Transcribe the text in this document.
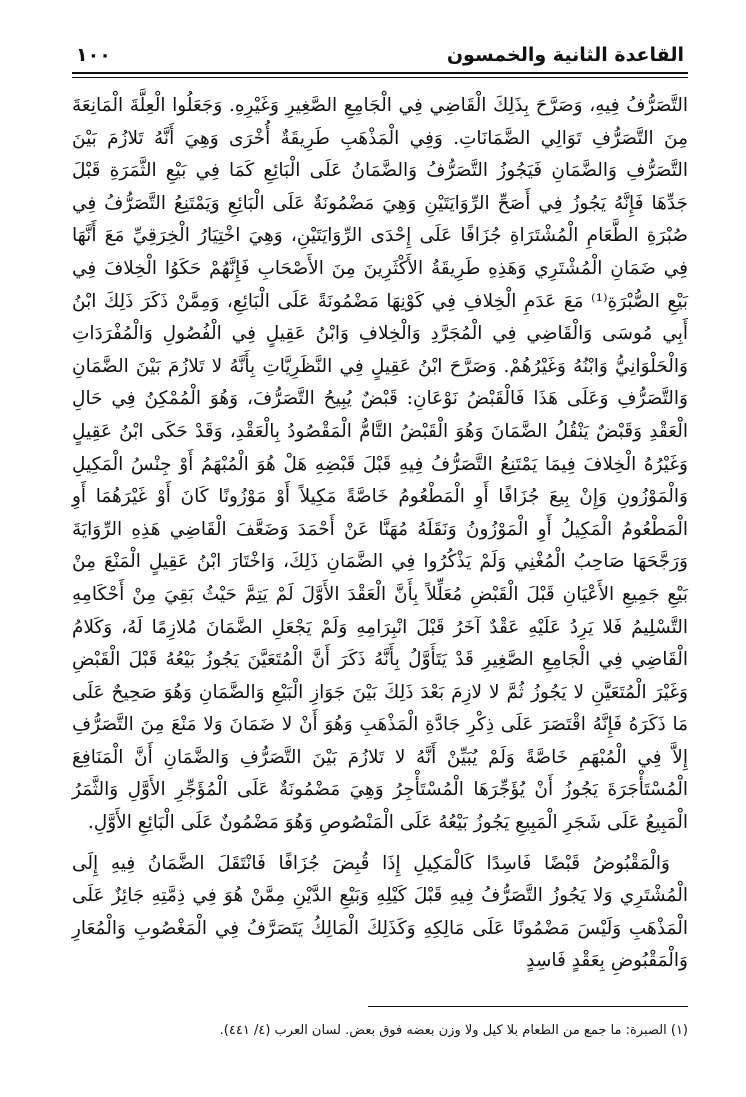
القاعدة الثانية والخمسون
١٠٠

التَّصَرُّفُ فِيهِ، وَصَرَّحَ بِذَلِكَ الْقَاضِي فِي الْجَامِعِ الصَّغِيرِ وَغَيْرِهِ. وَجَعَلُوا الْعِلَّةَ الْمَانِعَةَ مِنَ التَّصَرُّفِ تَوَالِي الضَّمَانَاتِ. وَفِي الْمَذْهَبِ طَرِيقَةٌ أُخْرَى وَهِيَ أَنَّهُ تَلازُمَ بَيْنَ التَّصَرُّفِ وَالضَّمَانِ فَيَجُوزُ التَّصَرُّفُ وَالضَّمَانُ عَلَى الْبَائِعِ كَمَا فِي بَيْعِ الثَّمَرَةِ قَبْلَ جَدِّهَا فَإِنَّهُ يَجُوزُ فِي أَصَحِّ الرِّوَايَتَيْنِ وَهِيَ مَضْمُونَةٌ عَلَى الْبَائِعِ وَيَمْتَنِعُ التَّصَرُّفُ فِي صُبْرَةِ الطَّعَامِ الْمُشْتَرَاةِ جُزَافًا عَلَى إِحْدَى الرِّوَايَتَيْنِ، وَهِيَ اخْتِيَارُ الْخِرَقِيِّ مَعَ أَنَّهَا فِي ضَمَانِ الْمُشْتَرِي وَهَذِهِ طَرِيقَةُ الأَكْثَرِينَ مِنَ الأَصْحَابِ فَإِنَّهُمْ حَكَوُا الْخِلافَ فِي بَيْعِ الصُّبْرَةِ⁽¹⁾ مَعَ عَدَمِ الْخِلافِ فِي كَوْنِهَا مَضْمُونَةً عَلَى الْبَائِعِ، وَمِمَّنْ ذَكَرَ ذَلِكَ ابْنُ أَبِي مُوسَى وَالْقَاضِي فِي الْمُجَرَّدِ وَالْخِلافِ وَابْنُ عَقِيلٍ فِي الْفُصُولِ وَالْمُفْرَدَاتِ وَالْحَلْوَانِيُّ وَابْنُهُ وَغَيْرُهُمْ. وَصَرَّحَ ابْنُ عَقِيلٍ فِي النَّظَرِيَّاتِ بِأَنَّهُ لا تَلازُمَ بَيْنَ الضَّمَانِ وَالتَّصَرُّفِ وَعَلَى هَذَا فَالْقَبْضُ نَوْعَانِ: قَبْضٌ يُبِيحُ التَّصَرُّفَ، وَهُوَ الْمُمْكِنُ فِي حَالِ الْعَقْدِ وَقَبْضٌ يَنْقُلُ الضَّمَانَ وَهُوَ الْقَبْضُ التَّامُّ الْمَقْصُودُ بِالْعَقْدِ، وَقَدْ حَكَى ابْنُ عَقِيلٍ وَغَيْرُهُ الْخِلافَ فِيمَا يَمْتَنِعُ التَّصَرُّفُ فِيهِ قَبْلَ قَبْضِهِ هَلْ هُوَ الْمُبْهَمُ أَوْ جِنْسُ الْمَكِيلِ وَالْمَوْزُونِ وَإِنْ بِيعَ جُزَافًا أَوِ الْمَطْعُومُ خَاصَّةً مَكِيلاً أَوْ مَوْزُونًا كَانَ أَوْ غَيْرَهُمَا أَوِ الْمَطْعُومُ الْمَكِيلُ أَوِ الْمَوْزُونُ وَنَقَلَهُ مُهَنَّا عَنْ أَحْمَدَ وَضَعَّفَ الْقَاضِي هَذِهِ الرِّوَايَةَ وَرَجَّحَهَا صَاحِبُ الْمُغْنِي وَلَمْ يَذْكُرُوا فِي الضَّمَانِ ذَلِكَ، وَاخْتَارَ ابْنُ عَقِيلٍ الْمَنْعَ مِنْ بَيْعِ جَمِيعِ الأَعْيَانِ قَبْلَ الْقَبْضِ مُعَلِّلاً بِأَنَّ الْعَقْدَ الأَوَّلَ لَمْ يَتِمَّ حَيْثُ بَقِيَ مِنْ أَحْكَامِهِ التَّسْلِيمُ فَلا يَرِدُ عَلَيْهِ عَقْدٌ آخَرُ قَبْلَ انْبِرَامِهِ وَلَمْ يَجْعَلِ الضَّمَانَ مُلازِمًا لَهُ، وَكَلامُ الْقَاضِي فِي الْجَامِعِ الصَّغِيرِ قَدْ يَتَأَوَّلُ بِأَنَّهُ ذَكَرَ أَنَّ الْمُتَعَيَّنَ يَجُوزُ بَيْعُهُ قَبْلَ الْقَبْضِ وَغَيْرَ الْمُتَعَيَّنِ لا يَجُوزُ ثُمَّ لا لازِمَ بَعْدَ ذَلِكَ بَيْنَ جَوَازِ الْبَيْعِ وَالضَّمَانِ وَهُوَ صَحِيحٌ عَلَى مَا ذَكَرَهُ فَإِنَّهُ اقْتَصَرَ عَلَى ذِكْرِ جَادَّةِ الْمَذْهَبِ وَهُوَ أَنْ لا ضَمَانَ وَلا مَنْعَ مِنَ التَّصَرُّفِ إِلاَّ فِي الْمُبْهَمِ خَاصَّةً وَلَمْ يُبَيِّنْ أَنَّهُ لا تَلازُمَ بَيْنَ التَّصَرُّفِ وَالضَّمَانِ أَنَّ الْمَنَافِعَ الْمُسْتَأْجَرَةَ يَجُوزُ أَنْ يُؤَجِّرَهَا الْمُسْتَأْجِرُ وَهِيَ مَضْمُونَةٌ عَلَى الْمُؤَجِّرِ الأَوَّلِ وَالثَّمَرُ الْمَبِيعُ عَلَى شَجَرِ الْمَبِيعِ يَجُوزُ بَيْعُهُ عَلَى الْمَنْصُوصِ وَهُوَ مَضْمُونٌ عَلَى الْبَائِعِ الأَوَّلِ.

وَالْمَقْبُوضُ قَبْضًا فَاسِدًا كَالْمَكِيلِ إِذَا قُبِضَ جُزَافًا فَانْتَقَلَ الضَّمَانُ فِيهِ إِلَى الْمُشْتَرِي وَلا يَجُوزُ التَّصَرُّفُ فِيهِ قَبْلَ كَيْلِهِ وَبَيْعِ الدَّيْنِ مِمَّنْ هُوَ فِي ذِمَّتِهِ جَائِزٌ عَلَى الْمَذْهَبِ وَلَيْسَ مَضْمُونًا عَلَى مَالِكِهِ وَكَذَلِكَ الْمَالِكُ يَتَصَرَّفُ فِي الْمَغْصُوبِ وَالْمُعَارِ وَالْمَقْبُوضِ بِعَقْدٍ فَاسِدٍ

(١) الصبرة: ما جمع من الطعام بلا كيل ولا وزن بعضه فوق بعض. لسان العرب (٤/ ٤٤١).
